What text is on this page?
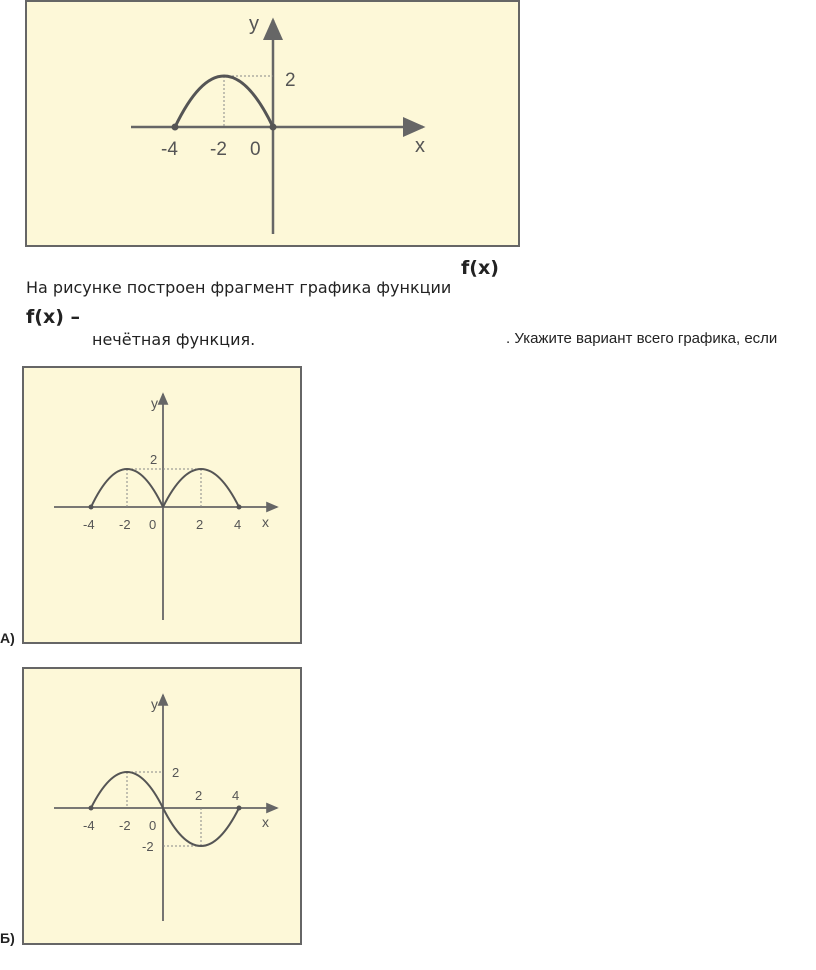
x
y
-4 -2 0
2
f(x)
На рисунке построен фрагмент графика функции
f(x) –
нечётная функция.	. Укажите вариант всего графика, если
x
y
-4 -2 0	2 4
2
А)
x
y
-4 -2 0
2 4
2
-2
Б)
